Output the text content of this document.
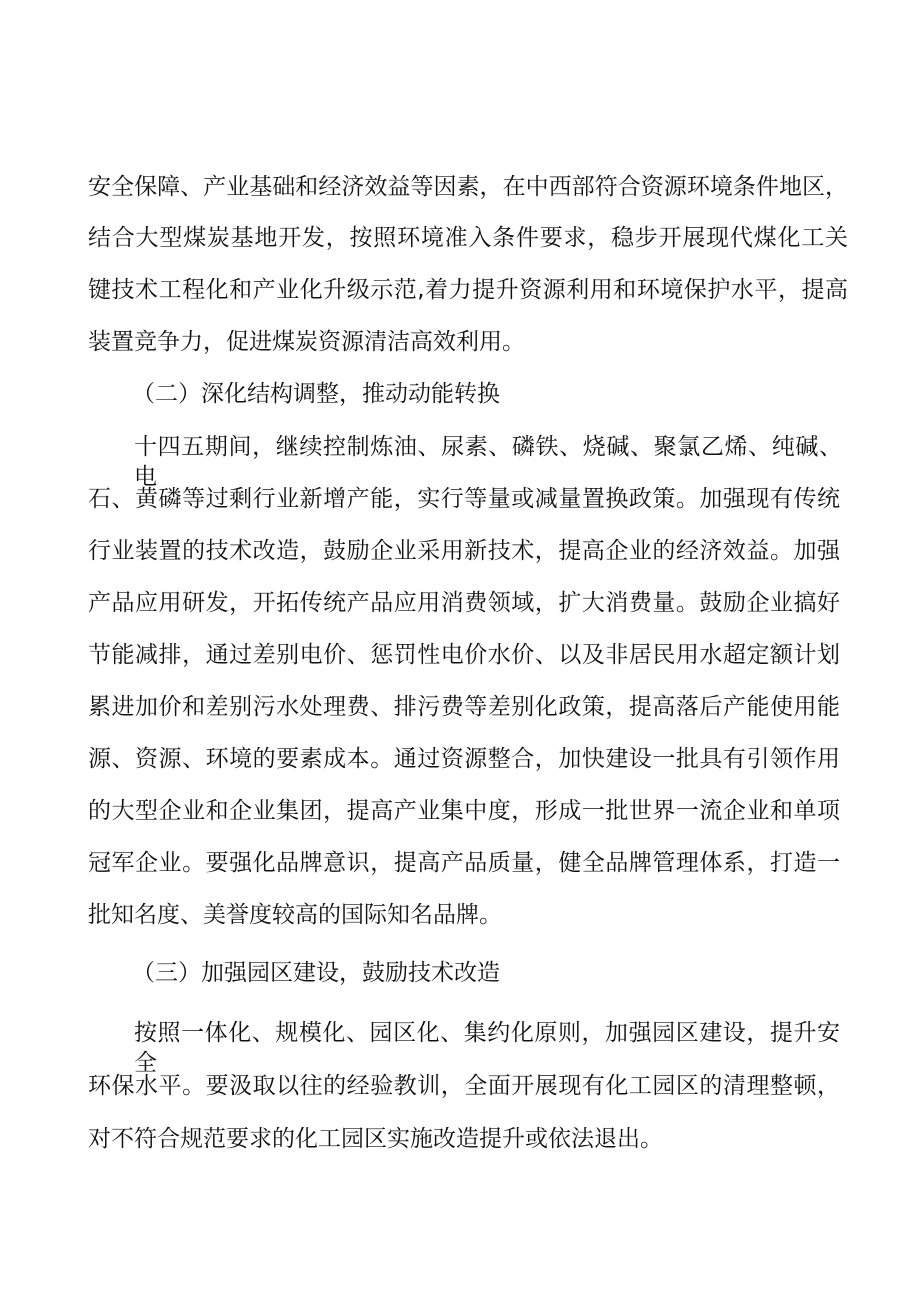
安全保障、产业基础和经济效益等因素，在中西部符合资源环境条件地区，
结合大型煤炭基地开发，按照环境准入条件要求，稳步开展现代煤化工关
键技术工程化和产业化升级示范,着力提升资源利用和环境保护水平，提高
装置竞争力，促进煤炭资源清洁高效利用。
（二）深化结构调整，推动动能转换
十四五期间，继续控制炼油、尿素、磷铁、烧碱、聚氯乙烯、纯碱、电
石、黄磷等过剩行业新增产能，实行等量或减量置换政策。加强现有传统
行业装置的技术改造，鼓励企业采用新技术，提高企业的经济效益。加强
产品应用研发，开拓传统产品应用消费领域，扩大消费量。鼓励企业搞好
节能减排，通过差别电价、惩罚性电价水价、以及非居民用水超定额计划
累进加价和差别污水处理费、排污费等差别化政策，提高落后产能使用能
源、资源、环境的要素成本。通过资源整合，加快建设一批具有引领作用
的大型企业和企业集团，提高产业集中度，形成一批世界一流企业和单项
冠军企业。要强化品牌意识，提高产品质量，健全品牌管理体系，打造一
批知名度、美誉度较高的国际知名品牌。
（三）加强园区建设，鼓励技术改造
按照一体化、规模化、园区化、集约化原则，加强园区建设，提升安全
环保水平。要汲取以往的经验教训，全面开展现有化工园区的清理整顿，
对不符合规范要求的化工园区实施改造提升或依法退出。
